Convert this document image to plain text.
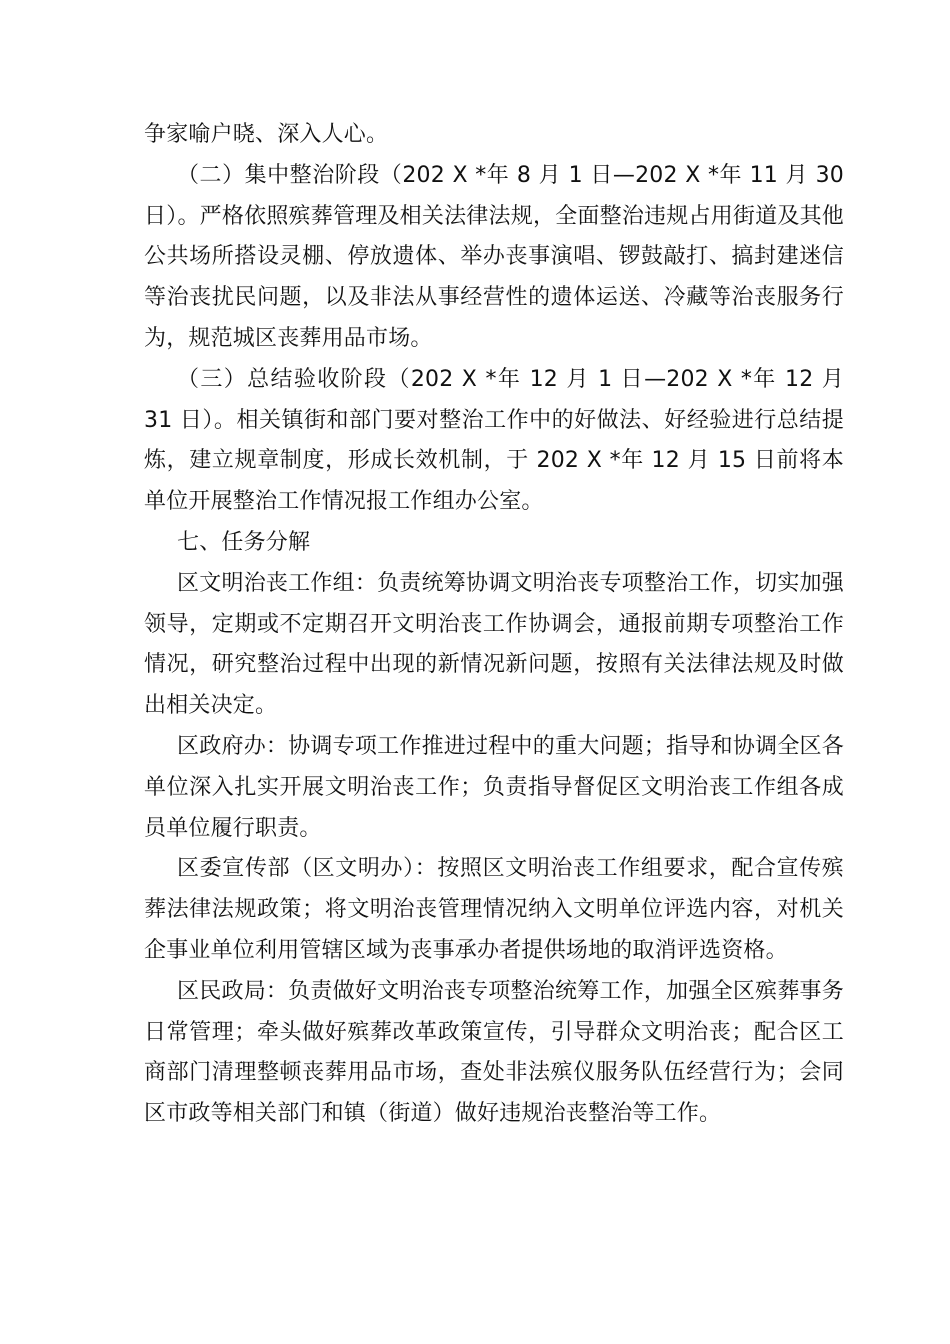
争家喻户晓、深入人心。

（二）集中整治阶段（202 X *年 8 月 1 日—202 X *年 11 月 30 日）。严格依照殡葬管理及相关法律法规，全面整治违规占用街道及其他公共场所搭设灵棚、停放遗体、举办丧事演唱、锣鼓敲打、搞封建迷信等治丧扰民问题，以及非法从事经营性的遗体运送、冷藏等治丧服务行为，规范城区丧葬用品市场。

（三）总结验收阶段（202 X *年 12 月 1 日—202 X *年 12 月 31 日）。相关镇街和部门要对整治工作中的好做法、好经验进行总结提炼，建立规章制度，形成长效机制，于 202 X *年 12 月 15 日前将本单位开展整治工作情况报工作组办公室。

七、任务分解

区文明治丧工作组：负责统筹协调文明治丧专项整治工作，切实加强领导，定期或不定期召开文明治丧工作协调会，通报前期专项整治工作情况，研究整治过程中出现的新情况新问题，按照有关法律法规及时做出相关决定。

区政府办：协调专项工作推进过程中的重大问题；指导和协调全区各单位深入扎实开展文明治丧工作；负责指导督促区文明治丧工作组各成员单位履行职责。

区委宣传部（区文明办）：按照区文明治丧工作组要求，配合宣传殡葬法律法规政策；将文明治丧管理情况纳入文明单位评选内容，对机关企事业单位利用管辖区域为丧事承办者提供场地的取消评选资格。

区民政局：负责做好文明治丧专项整治统筹工作，加强全区殡葬事务日常管理；牵头做好殡葬改革政策宣传，引导群众文明治丧；配合区工商部门清理整顿丧葬用品市场，查处非法殡仪服务队伍经营行为；会同区市政等相关部门和镇（街道）做好违规治丧整治等工作。
